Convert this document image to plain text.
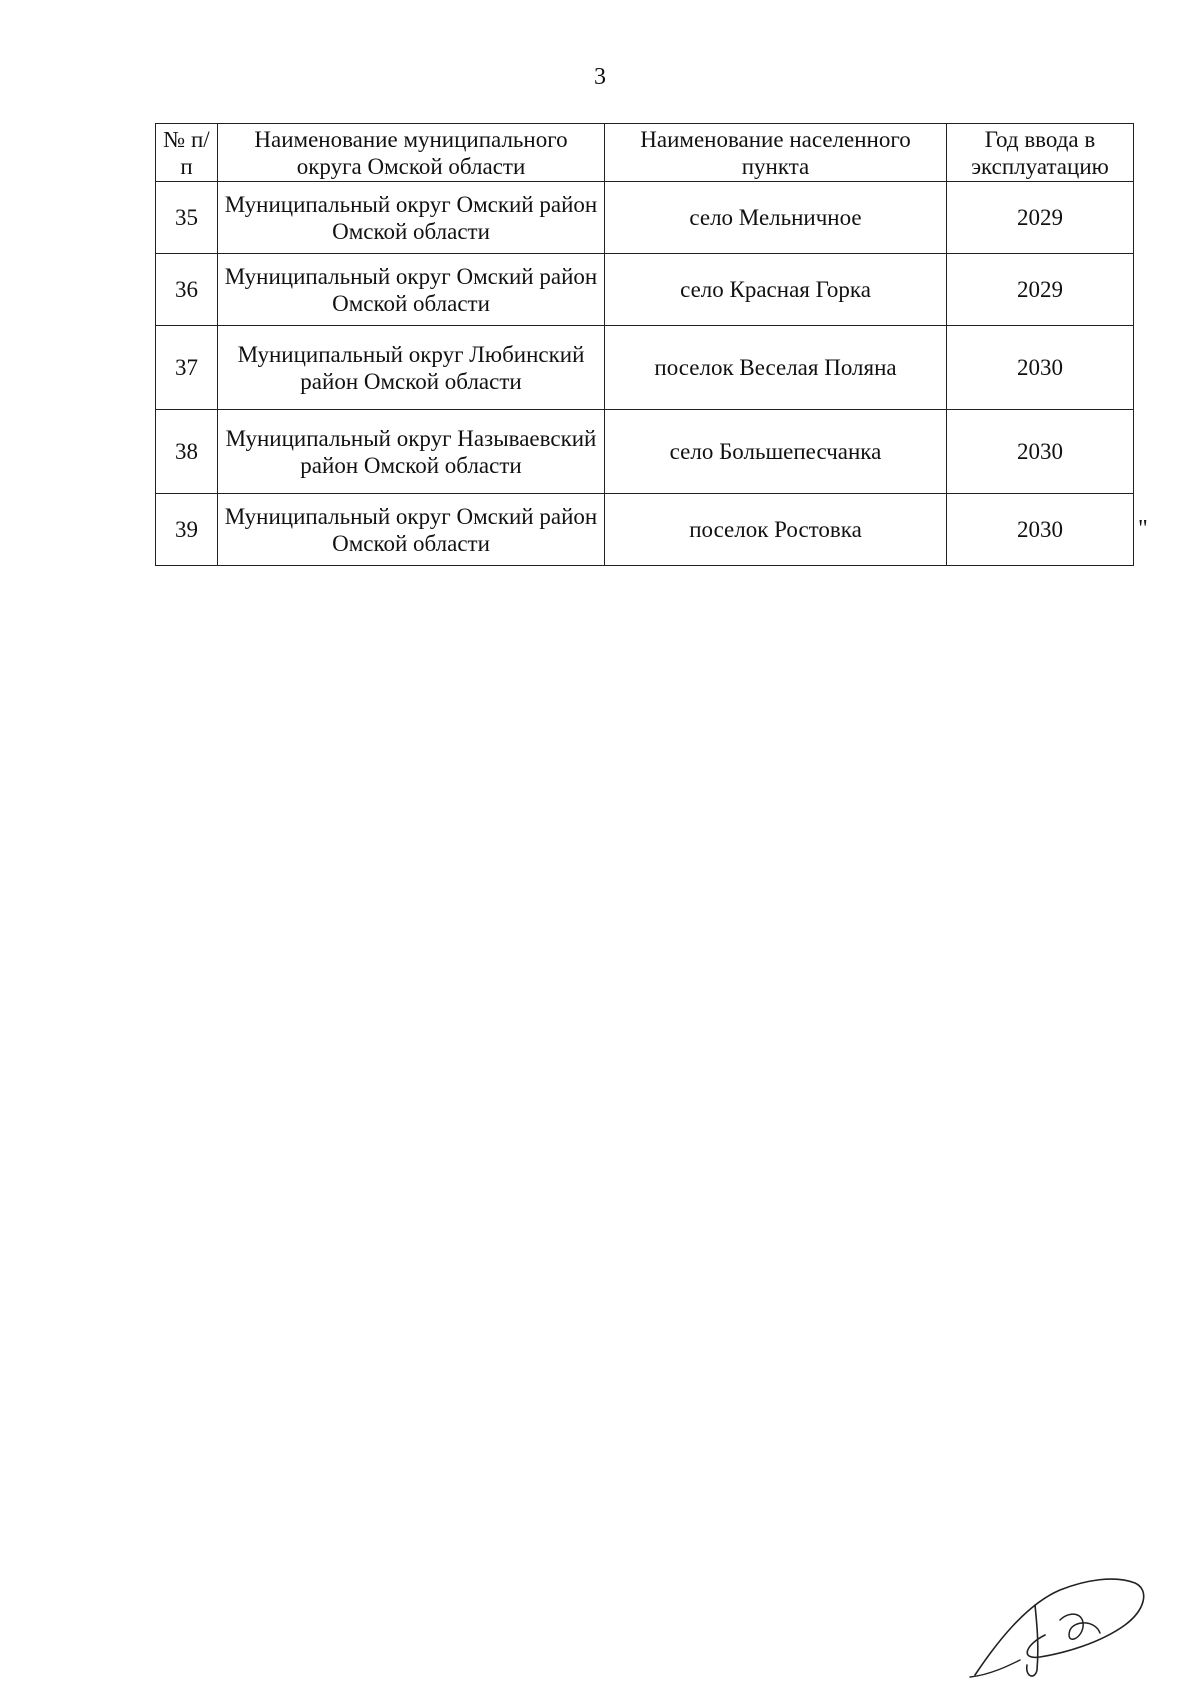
3
№ п/п	Наименование муниципального округа Омской области	Наименование населенного пункта	Год ввода в эксплуатацию
35	Муниципальный округ Омский район Омской области	село Мельничное	2029
36	Муниципальный округ Омский район Омской области	село Красная Горка	2029
37	Муниципальный округ Любинский район Омской области	поселок Веселая Поляна	2030
38	Муниципальный округ Называевский район Омской области	село Большепесчанка	2030
39	Муниципальный округ Омский район Омской области	поселок Ростовка	2030	"
